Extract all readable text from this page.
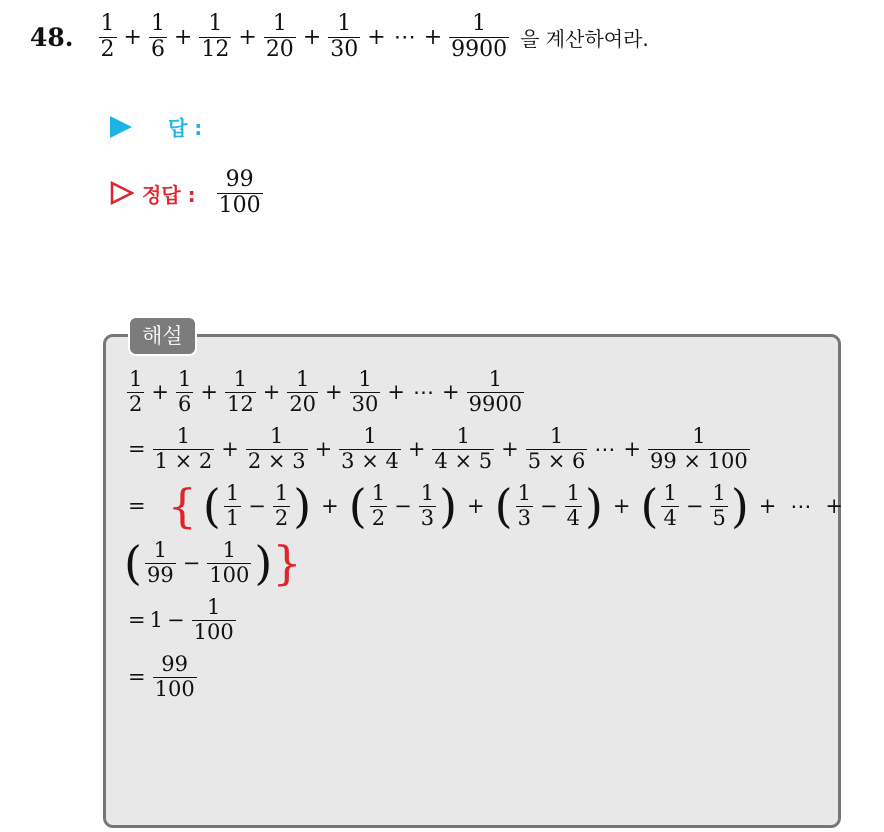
48. $\frac{1}{2} + \frac{1}{6} + \frac{1}{12} + \frac{1}{20} + \frac{1}{30}$ + ⋯ + $\frac{1}{9900}$ 을 계산하여라.
답 :
정답 : $\frac{99}{100}$
해설
$\frac{1}{2} + \frac{1}{6} + \frac{1}{12} + \frac{1}{20} + \frac{1}{30}$ + ⋯ + $\frac{1}{9900}$
= $\frac{1}{1 \times 2} + \frac{1}{2 \times 3} + \frac{1}{3 \times 4} + \frac{1}{4 \times 5} + \frac{1}{5 \times 6}$ ⋯ + $\frac{1}{99 \times 100}$
= { ( $\frac{1}{1} - \frac{1}{2}$ ) + ( $\frac{1}{2} - \frac{1}{3}$ ) + ( $\frac{1}{3} - \frac{1}{4}$ ) + ( $\frac{1}{4} - \frac{1}{5}$ ) + ⋯ +
( $\frac{1}{99} - \frac{1}{100}$ ) }
= $1 - \frac{1}{100}$
= $\frac{99}{100}$
